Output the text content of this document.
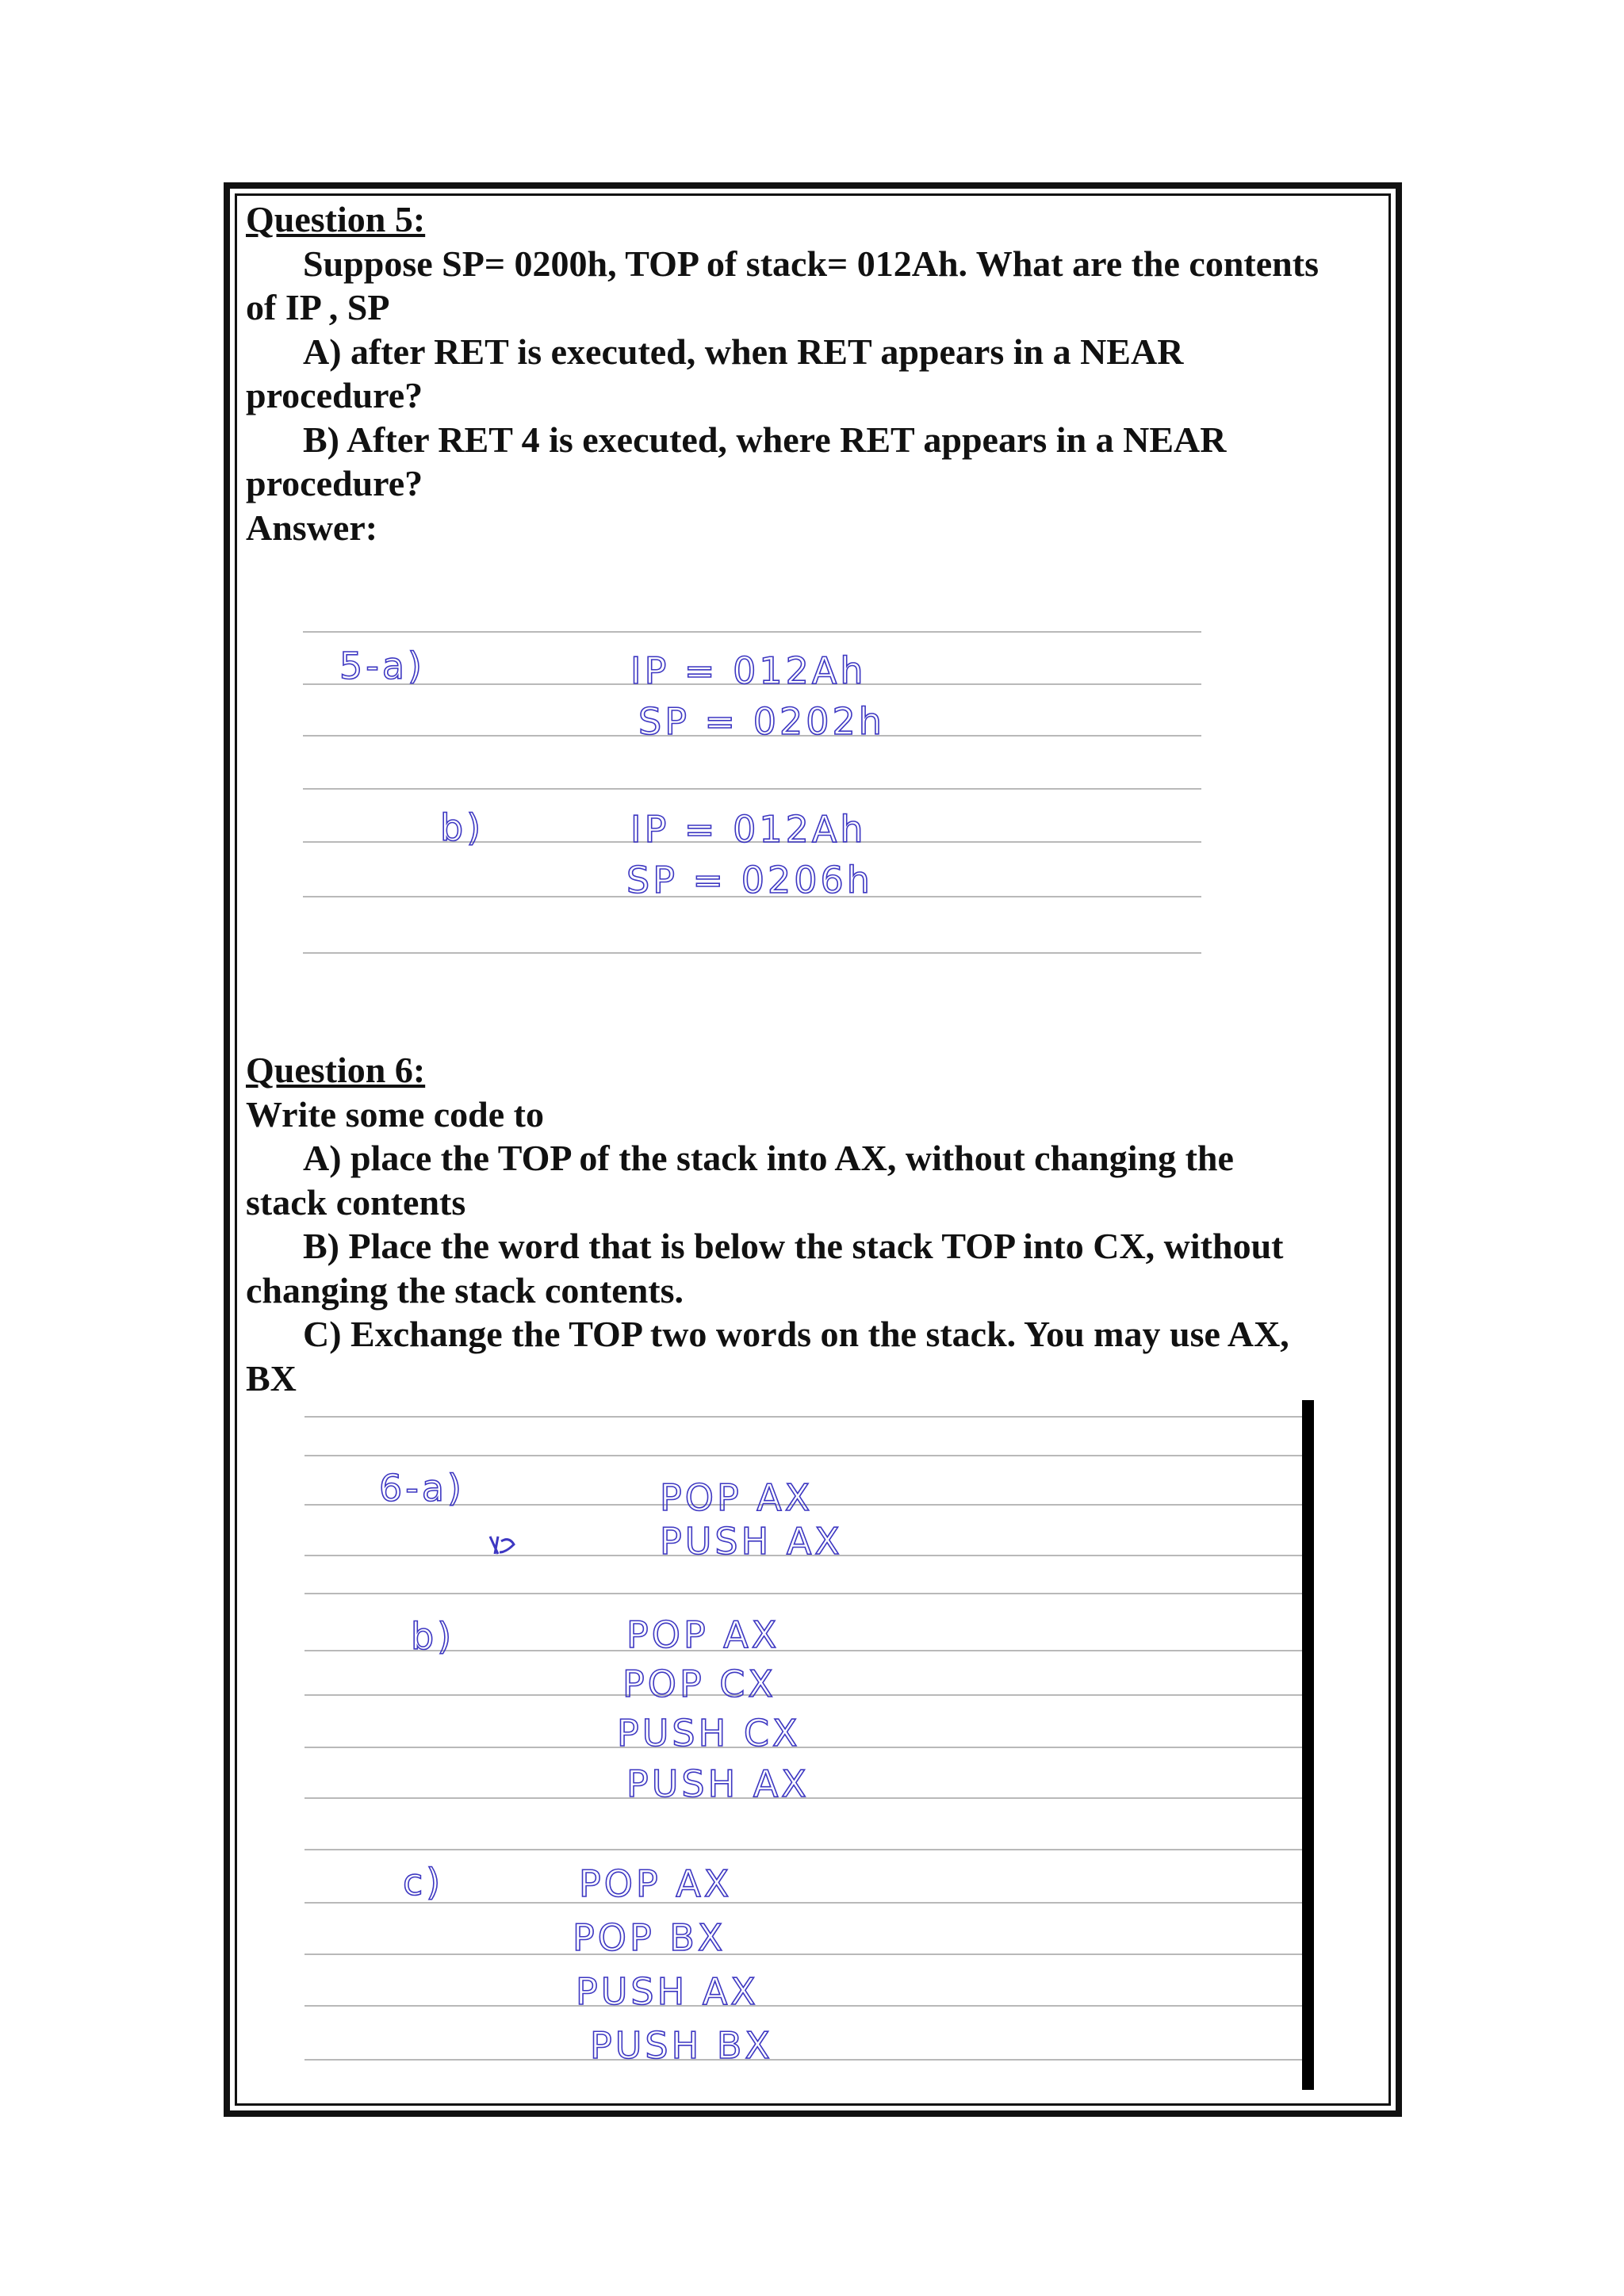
Question 5:

Suppose SP= 0200h, TOP of stack= 012Ah. What are the contents

of IP , SP

A) after RET is executed, when RET appears in a NEAR

procedure?

B) After RET 4 is executed, where RET appears in a NEAR

procedure?

Answer:

Question 6:

Write some code to

A) place the TOP of the stack into AX, without changing the

stack contents

B) Place the word that is below the stack TOP into CX, without

changing the stack contents.

C) Exchange the TOP two words on the stack. You may use AX,

BX

5-a)	IP = 012Ah
SP = 0202h
b)	IP = 012Ah
SP = 0206h
6-a)	POP AX
PUSH AX
b)	POP AX
POP CX
PUSH CX
PUSH AX
c)	POP AX
POP BX
PUSH AX
PUSH BX
